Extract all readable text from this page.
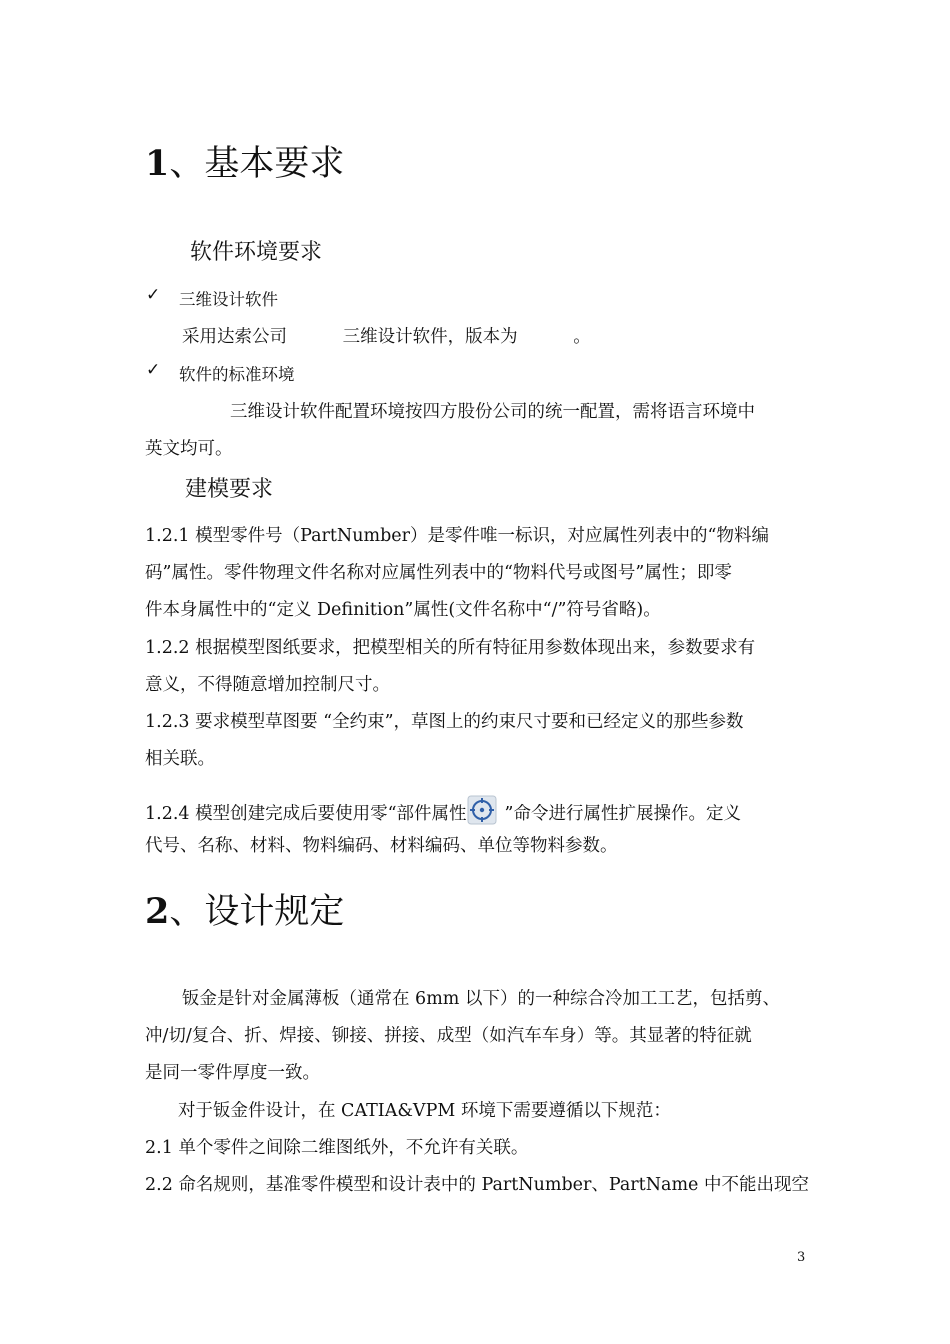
1、基本要求
软件环境要求
✓ 三维设计软件
采用达索公司          三维设计软件，版本为          。
✓ 软件的标准环境
三维设计软件配置环境按四方股份公司的统一配置，需将语言环境中
英文均可。
建模要求
1.2.1 模型零件号（PartNumber）是零件唯一标识，对应属性列表中的“物料编
码”属性。零件物理文件名称对应属性列表中的“物料代号或图号”属性；即零
件本身属性中的“定义 Definition”属性(文件名称中“/”符号省略)。
1.2.2 根据模型图纸要求，把模型相关的所有特征用参数体现出来，参数要求有
意义，不得随意增加控制尺寸。
1.2.3 要求模型草图要 “全约束”，草图上的约束尺寸要和已经定义的那些参数
相关联。
1.2.4 模型创建完成后要使用零“部件属性 ”命令进行属性扩展操作。定义
代号、名称、材料、物料编码、材料编码、单位等物料参数。
2、设计规定
钣金是针对金属薄板（通常在 6mm 以下）的一种综合冷加工工艺，包括剪、
冲/切/复合、折、焊接、铆接、拼接、成型（如汽车车身）等。其显著的特征就
是同一零件厚度一致。
对于钣金件设计，在 CATIA&VPM 环境下需要遵循以下规范：
2.1 单个零件之间除二维图纸外，不允许有关联。
2.2 命名规则，基准零件模型和设计表中的 PartNumber、PartName 中不能出现空
3
